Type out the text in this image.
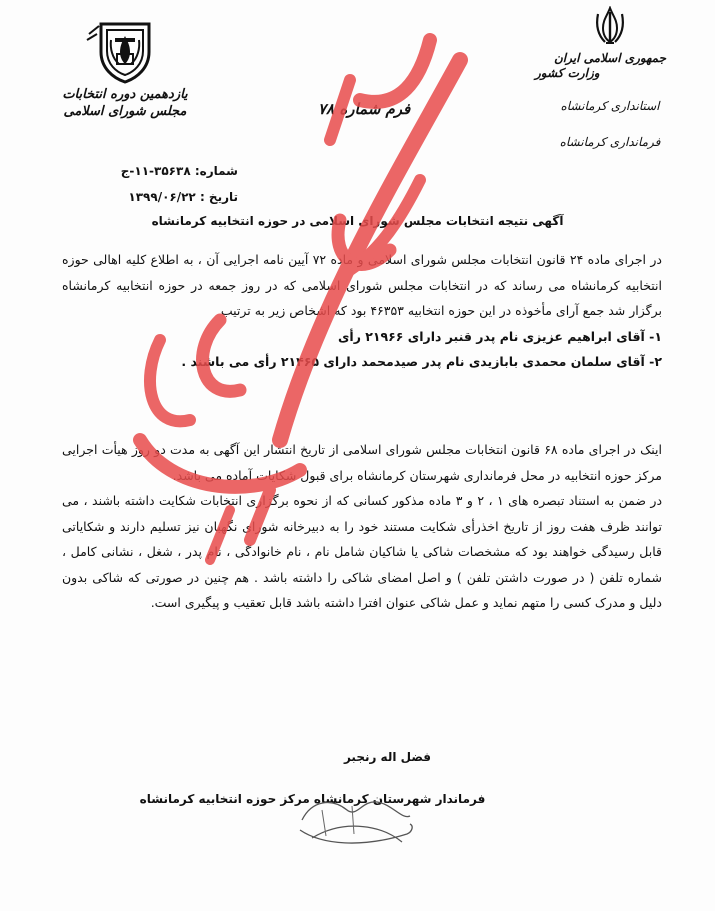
جمهوری اسلامی ایران
وزارت کشور
استانداری کرمانشاه
فرمانداری کرمانشاه
یازدهمین دوره انتخابات
مجلس شورای اسلامی	فرم شماره ۷۸
شماره: ۳۵۶۳۸-۱۱-ج
تاریخ : ۱۳۹۹/۰۶/۲۲
آگهی نتیجه انتخابات مجلس شورای اسلامی در حوزه انتخابیه کرمانشاه

در اجرای ماده ۲۴ قانون انتخابات مجلس شورای اسلامی و ماده ۷۲ آیین نامه اجرایی آن ، به اطلاع کلیه اهالی حوزه انتخابیه کرمانشاه می رساند که در انتخابات مجلس شورای اسلامی که در روز جمعه در حوزه انتخابیه کرمانشاه برگزار شد جمع آرای مأخوذه در این حوزه انتخابیه ۴۶۳۵۳ بود که اشخاص زیر به ترتیب

۱- آقای ابراهیم عزیزی نام پدر قنبر دارای ۲۱۹۶۶ رأی

۲- آقای سلمان محمدی بابازیدی نام پدر صیدمحمد دارای ۲۱۴۶۵ رأی می باشند .

اینک در اجرای ماده ۶۸ قانون انتخابات مجلس شورای اسلامی از تاریخ انتشار این آگهی به مدت دو روز هیأت اجرایی مرکز حوزه انتخابیه در محل فرمانداری شهرستان کرمانشاه برای قبول شکایات آماده می باشد.

در ضمن به استناد تبصره های ۱ ، ۲ و ۳ ماده مذکور کسانی که از نحوه برگزاری انتخابات شکایت داشته باشند ، می توانند ظرف هفت روز از تاریخ اخذرأی شکایت مستند خود را به دبیرخانه شورای نگهبان نیز تسلیم دارند و شکایاتی قابل رسیدگی خواهند بود که مشخصات شاکی یا شاکیان شامل نام ، نام خانوادگی ، نام پدر ، شغل ، نشانی کامل ، شماره تلفن ( در صورت داشتن تلفن ) و اصل امضای شاکی را داشته باشد . هم چنین در صورتی که شاکی بدون دلیل و مدرک کسی را متهم نماید و عمل شاکی عنوان افترا داشته باشد قابل تعقیب و پیگیری است.

فضل اله رنجبر
فرماندار شهرستان کرمانشاه مرکز حوزه انتخابیه کرمانشاه
